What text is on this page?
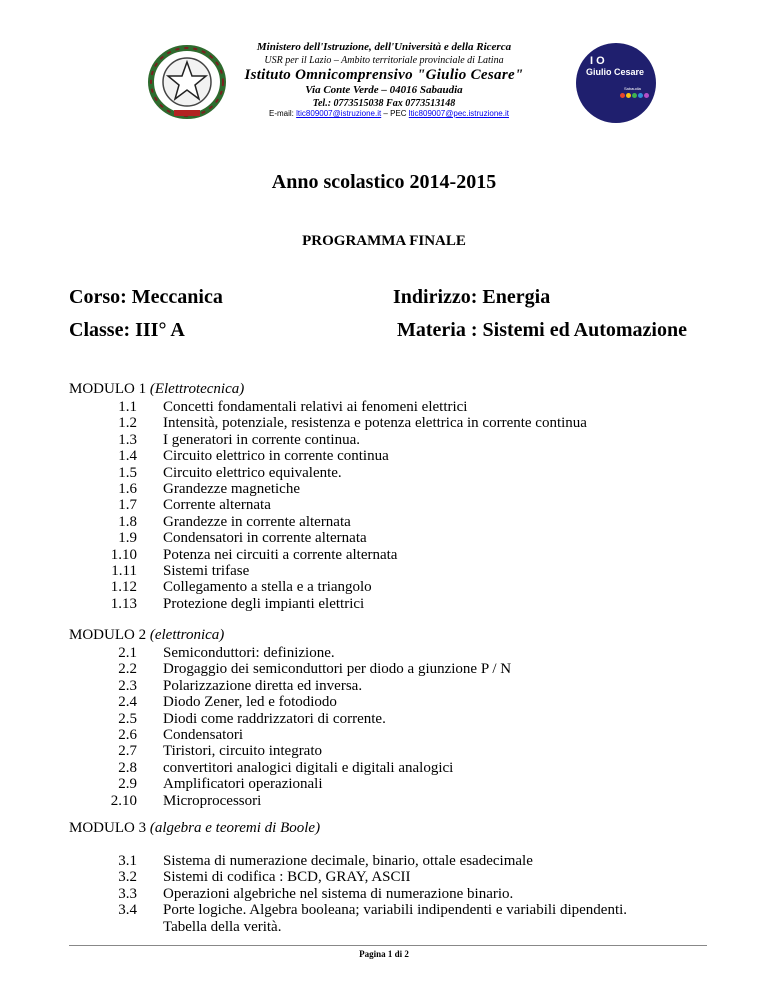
Ministero dell'Istruzione, dell'Università e della Ricerca
USR per il Lazio – Ambito territoriale provinciale di Latina
Istituto Omnicomprensivo "Giulio Cesare"
Via Conte Verde – 04016 Sabaudia
Tel.: 0773515038 Fax 0773513148
E-mail: ltic809007@istruzione.it – PEC ltic809007@pec.istruzione.it
I O
Giulio Cesare
Sabaudia
Anno scolastico 2014-2015
PROGRAMMA FINALE
Corso: Meccanica	Indirizzo: Energia
Classe: III° A	Materia : Sistemi ed Automazione
MODULO 1 (Elettrotecnica)
1.1 Concetti fondamentali relativi ai fenomeni elettrici
1.2 Intensità, potenziale, resistenza e potenza elettrica in corrente continua
1.3 I generatori in corrente continua.
1.4 Circuito elettrico in corrente continua
1.5 Circuito elettrico equivalente.
1.6 Grandezze magnetiche
1.7 Corrente alternata
1.8 Grandezze in corrente alternata
1.9 Condensatori in corrente alternata
1.10 Potenza nei circuiti a corrente alternata
1.11 Sistemi trifase
1.12 Collegamento a stella e a triangolo
1.13 Protezione degli impianti elettrici
MODULO 2 (elettronica)
2.1 Semiconduttori: definizione.
2.2 Drogaggio dei semiconduttori per diodo a giunzione P / N
2.3 Polarizzazione diretta ed inversa.
2.4 Diodo Zener, led e fotodiodo
2.5 Diodi come raddrizzatori di corrente.
2.6 Condensatori
2.7 Tiristori, circuito integrato
2.8 convertitori analogici digitali e digitali analogici
2.9 Amplificatori operazionali
2.10 Microprocessori
MODULO 3 (algebra e teoremi di Boole)
3.1 Sistema di numerazione decimale, binario, ottale esadecimale
3.2 Sistemi di codifica : BCD, GRAY, ASCII
3.3 Operazioni algebriche nel sistema di numerazione binario.
3.4 Porte logiche. Algebra booleana; variabili indipendenti e variabili dipendenti.
Tabella della verità.
Pagina 1 di 2
